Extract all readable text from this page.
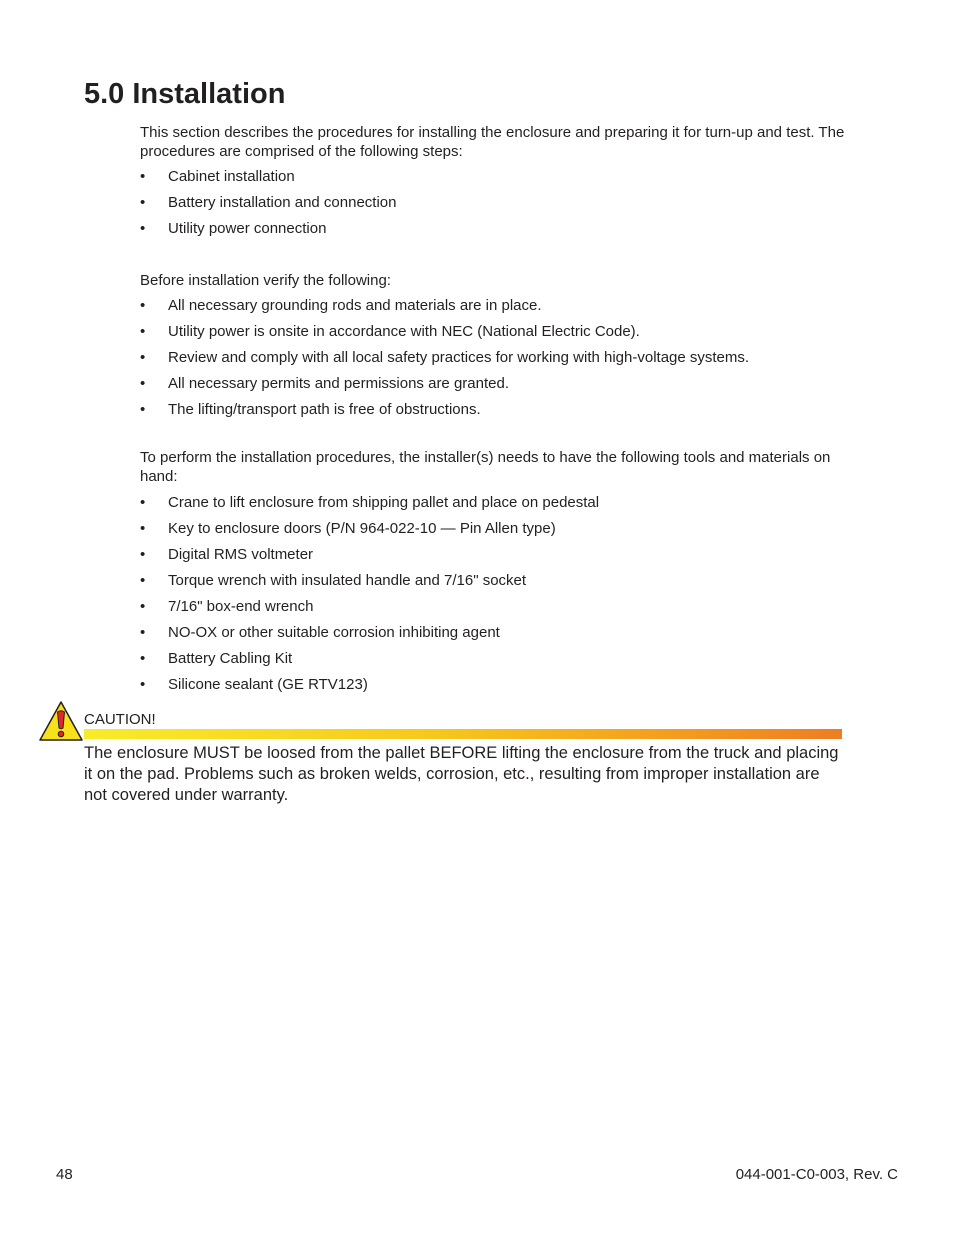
5.0 Installation

This section describes the procedures for installing the enclosure and preparing it for turn-up and test. The procedures are comprised of the following steps:

• Cabinet installation
• Battery installation and connection
• Utility power connection

Before installation verify the following:

• All necessary grounding rods and materials are in place.
• Utility power is onsite in accordance with NEC (National Electric Code).
• Review and comply with all local safety practices for working with high-voltage systems.
• All necessary permits and permissions are granted.
• The lifting/transport path is free of obstructions.

To perform the installation procedures, the installer(s) needs to have the following tools and materials on hand:

• Crane to lift enclosure from shipping pallet and place on pedestal
• Key to enclosure doors (P/N 964-022-10 — Pin Allen type)
• Digital RMS voltmeter
• Torque wrench with insulated handle and 7/16" socket
• 7/16" box-end wrench
• NO-OX or other suitable corrosion inhibiting agent
• Battery Cabling Kit
• Silicone sealant (GE RTV123)
CAUTION!

The enclosure MUST be loosed from the pallet BEFORE lifting the enclosure from the truck and placing it on the pad. Problems such as broken welds, corrosion, etc., resulting from improper installation are not covered under warranty.

48	044-001-C0-003, Rev. C
